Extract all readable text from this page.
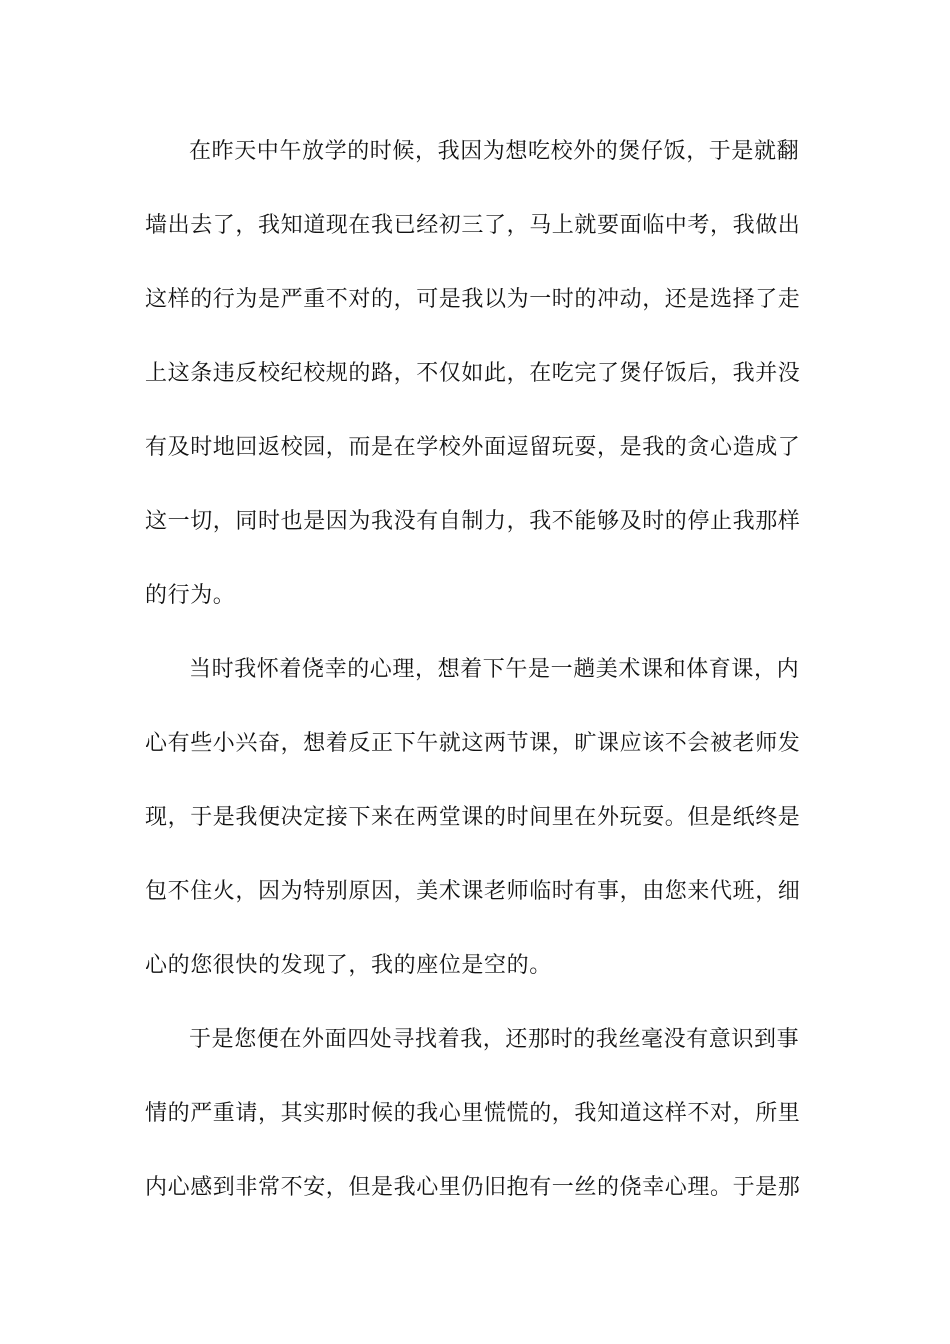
在昨天中午放学的时候，我因为想吃校外的煲仔饭，于是就翻
墙出去了，我知道现在我已经初三了，马上就要面临中考，我做出
这样的行为是严重不对的，可是我以为一时的冲动，还是选择了走
上这条违反校纪校规的路，不仅如此，在吃完了煲仔饭后，我并没
有及时地回返校园，而是在学校外面逗留玩耍，是我的贪心造成了
这一切，同时也是因为我没有自制力，我不能够及时的停止我那样
的行为。
当时我怀着侥幸的心理，想着下午是一趟美术课和体育课，内
心有些小兴奋，想着反正下午就这两节课，旷课应该不会被老师发
现，于是我便决定接下来在两堂课的时间里在外玩耍。但是纸终是
包不住火，因为特别原因，美术课老师临时有事，由您来代班，细
心的您很快的发现了，我的座位是空的。
于是您便在外面四处寻找着我，还那时的我丝毫没有意识到事
情的严重请，其实那时候的我心里慌慌的，我知道这样不对，所里
内心感到非常不安，但是我心里仍旧抱有一丝的侥幸心理。于是那
